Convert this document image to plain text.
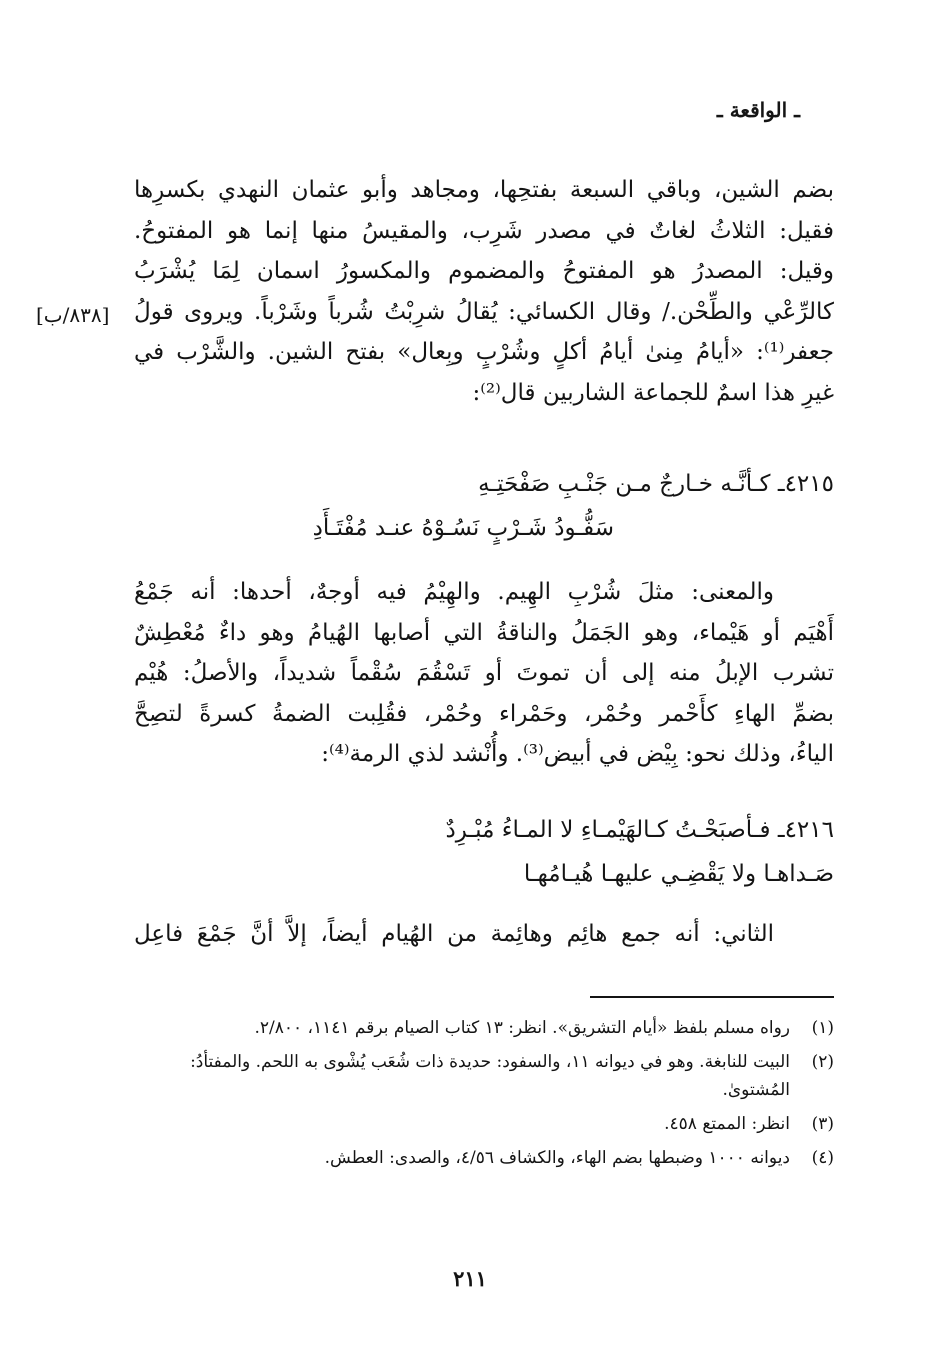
ـ الواقعة ـ
[٨٣٨/ب]
بضم الشين، وباقي السبعة بفتحِها، ومجاهد وأبو عثمان النهدي بكسرِها
فقيل: الثلاثُ لغاتٌ في مصدر شَرِب، والمقيسُ منها إنما هو المفتوحُ.
وقيل: المصدرُ هو المفتوحُ والمضموم والمكسورُ اسمان لِمَا يُشْرَبُ
كالرِّعْي والطِّحْن./ وقال الكسائي: يُقالُ شرِبْتُ شُرباً وشَرْباً. ويروى قولُ
جعفر⁽¹⁾: «أيامُ مِنىٰ أيامُ أكلٍ وشُرْبٍ وبِعال» بفتح الشين. والشَّرْب في
غيرِ هذا اسمٌ للجماعة الشاربين قال⁽²⁾:
٤٢١٥ـ كـأنَّـه خـارجٌ مـن جَنْـبِ صَفْحَتِـهِ
سَفُّـودُ شَـرْبٍ نَسُـوْهُ عنـد مُفْتَـأَدِ
والمعنى: مثلَ شُرْبِ الهِيم. والهِيْمُ فيه أوجهٌ، أحدها: أنه جَمْعُ
أَهْيَم أو هَيْماء، وهو الجَمَلُ والناقةُ التي أصابها الهُيامُ وهو داءٌ مُعْطِشٌ
تشرب الإبلُ منه إلى أن تموتَ أو تَسْقُمَ سُقْماً شديداً، والأصلُ: هُيْم
بضمِّ الهاءِ كأَحْمر وحُمْر، وحَمْراء وحُمْر، فقُلِبت الضمةُ كسرةً لتصِحَّ
الياءُ، وذلك نحو: بِيْض في أبيض⁽³⁾. وأُنْشد لذي الرمة⁽⁴⁾:
٤٢١٦ـ فـأصبَحْـتُ كـالهَيْمـاءِ لا المـاءُ مُبْـرِدٌ
صَـداهـا ولا يَقْضِـي عليهـا هُيـامُهـا
الثاني: أنه جمع هائِم وهائِمة من الهُيام أيضاً، إلاَّ أنَّ جَمْعَ فاعِل
(١)
رواه مسلم بلفظ «أيام التشريق». انظر: ١٣ كتاب الصيام برقم ١١٤١، ٢/٨٠٠.
(٢)
البيت للنابغة. وهو في ديوانه ١١، والسفود: حديدة ذات شُعَب يُشْوى به اللحم. والمفتأدُ: المُشتوىٰ.
(٣)
انظر: الممتع ٤٥٨.
(٤)
ديوانه ١٠٠٠ وضبطها بضم الهاء، والكشاف ٤/٥٦، والصدى: العطش.
٢١١
